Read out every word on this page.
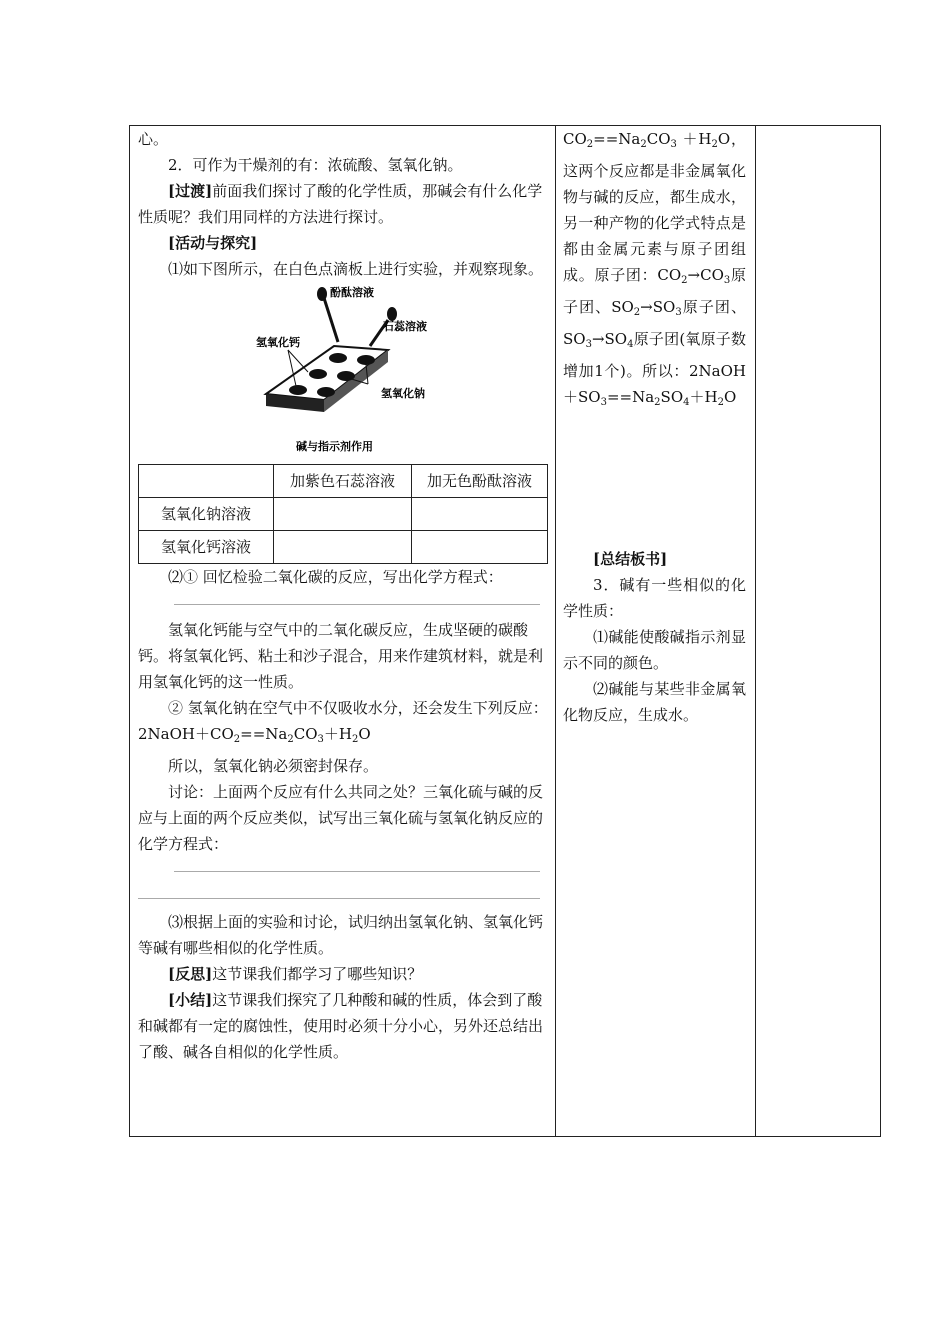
心。

2．可作为干燥剂的有：浓硫酸、氢氧化钠。

[过渡]前面我们探讨了酸的化学性质，那碱会有什么化学性质呢？我们用同样的方法进行探讨。

[活动与探究]

⑴如下图所示，在白色点滴板上进行实验，并观察现象。

酚酞溶液
石蕊溶液
氢氧化钙
氢氧化钠
碱与指示剂作用
	加紫色石蕊溶液	加无色酚酞溶液
氢氧化钠溶液		
氢氧化钙溶液		

⑵① 回忆检验二氧化碳的反应，写出化学方程式：

氢氧化钙能与空气中的二氧化碳反应，生成坚硬的碳酸钙。将氢氧化钙、粘土和沙子混合，用来作建筑材料，就是利用氢氧化钙的这一性质。

② 氢氧化钠在空气中不仅吸收水分，还会发生下列反应：

$2NaOH+CO_2==Na_2CO_3+H_2O$

所以，氢氧化钠必须密封保存。

讨论：上面两个反应有什么共同之处？三氧化硫与碱的反应与上面的两个反应类似，试写出三氧化硫与氢氧化钠反应的化学方程式：

⑶根据上面的实验和讨论，试归纳出氢氧化钠、氢氧化钙等碱有哪些相似的化学性质。

[反思]这节课我们都学习了哪些知识？

[小结]这节课我们探究了几种酸和碱的性质，体会到了酸和碱都有一定的腐蚀性，使用时必须十分小心，另外还总结出了酸、碱各自相似的化学性质。

$CO_2==Na_2CO_3 +H_2O$，这两个反应都是非金属氧化物与碱的反应，都生成水，另一种产物的化学式特点是都由金属元素与原子团组成。原子团：$CO_2\to CO_3$原子团、$SO_2\to SO_3$原子团、$SO_3\to SO_4$原子团(氧原子数增加1个)。所以：$2NaOH+SO_3==Na_2SO_4+H_2O$

[总结板书]

3．碱有一些相似的化学性质：

⑴碱能使酸碱指示剂显示不同的颜色。

⑵碱能与某些非金属氧化物反应，生成水。
